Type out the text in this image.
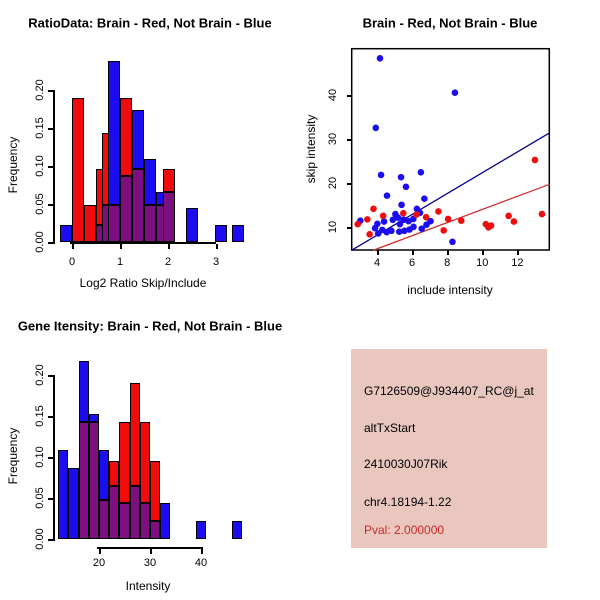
RatioData: Brain - Red, Not Brain - Blue
Frequency
Log2 Ratio Skip/Include
0	1	2	3
0.00
0.05
0.10
0.15
0.20
Brain - Red, Not Brain - Blue
skip intensity
include intensity
4	6	8 10 12
10
20
30
40
Gene Itensity: Brain - Red, Not Brain - Blue
Frequency
Intensity
20	30	40
0.00
0.05
0.10
0.15
0.20
G7126509@J934407_RC@j_at
altTxStart
2410030J07Rik
chr4.18194-1.22
Pval: 2.000000
